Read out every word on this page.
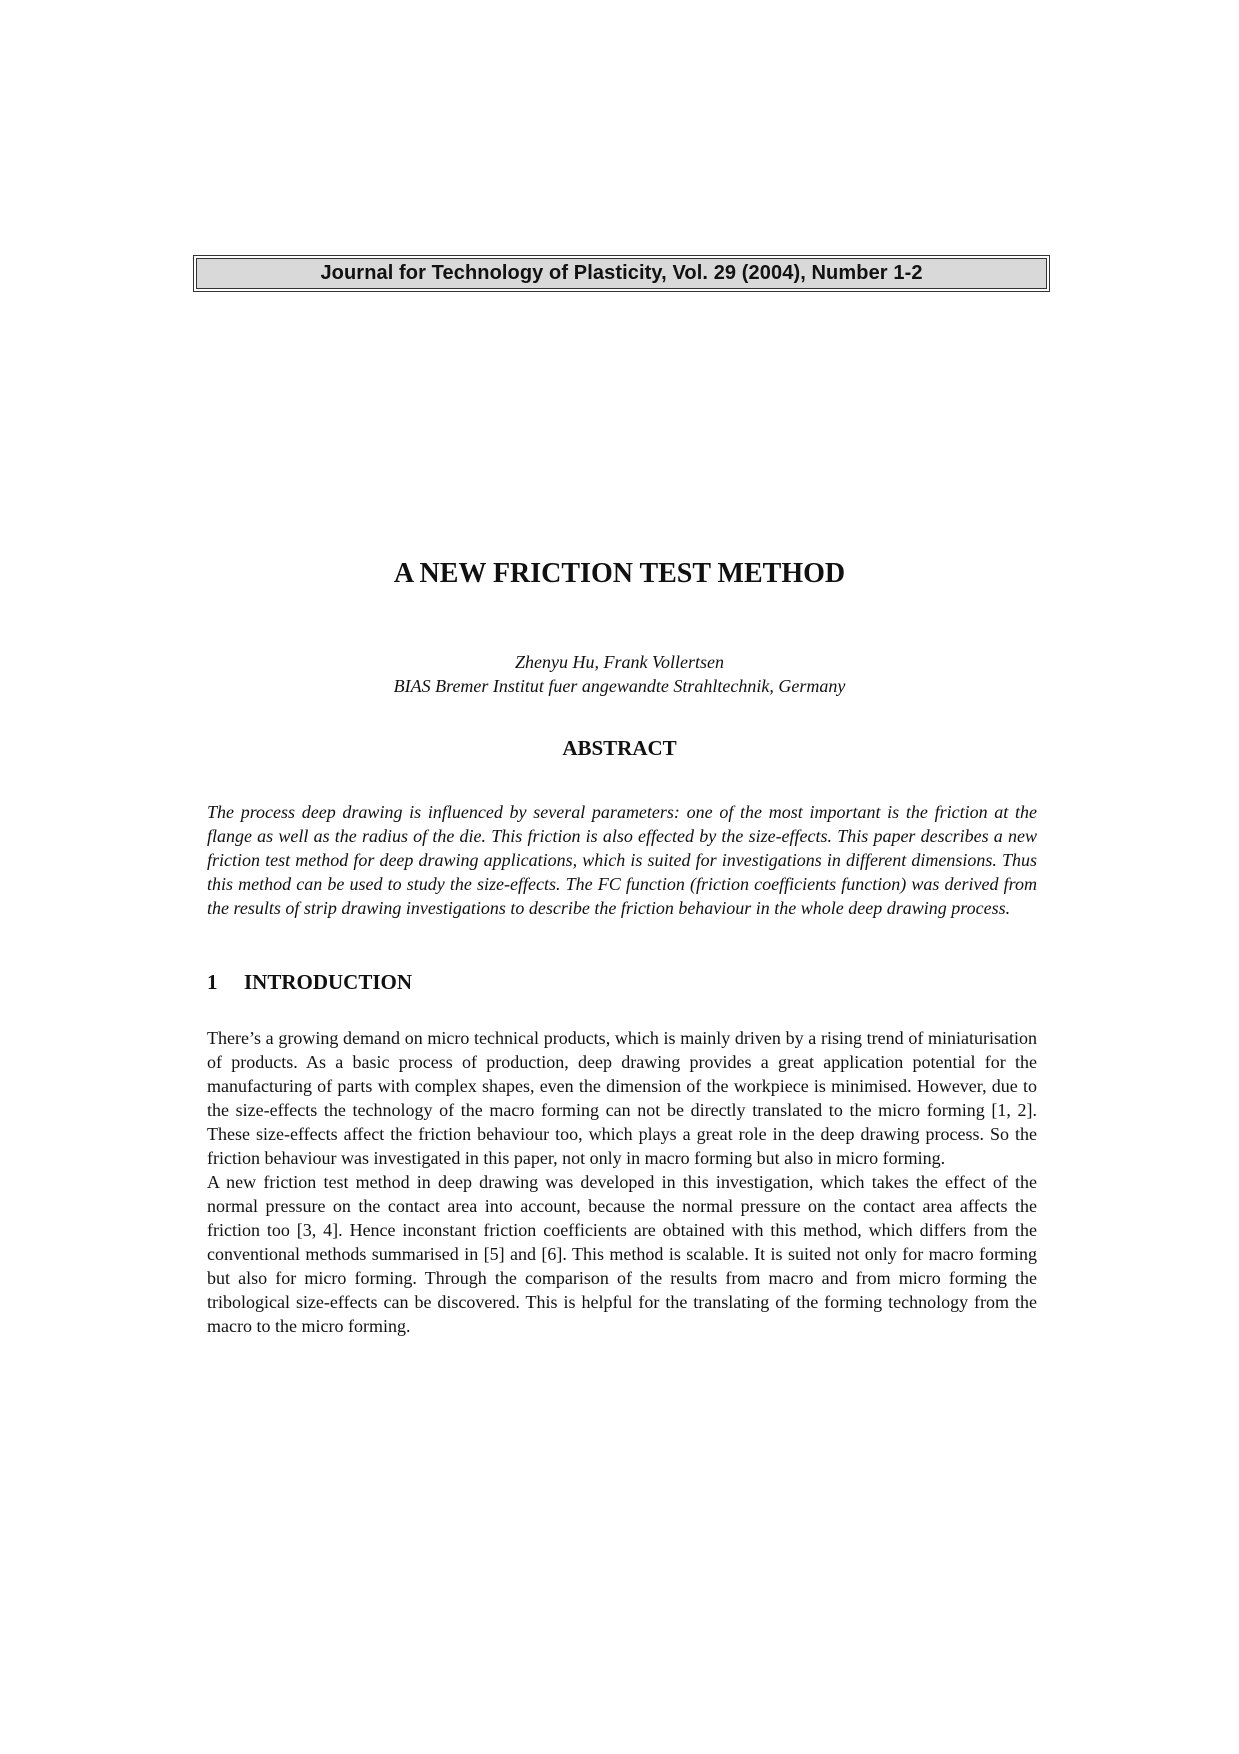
Journal for Technology of Plasticity, Vol. 29 (2004), Number 1-2
A NEW FRICTION TEST METHOD
Zhenyu Hu, Frank Vollertsen
BIAS Bremer Institut fuer angewandte Strahltechnik, Germany
ABSTRACT

The process deep drawing is influenced by several parameters: one of the most important is the friction at the flange as well as the radius of the die. This friction is also effected by the size-effects. This paper describes a new friction test method for deep drawing applications, which is suited for investigations in different dimensions. Thus this method can be used to study the size-effects. The FC function (friction coefficients function) was derived from the results of strip drawing investigations to describe the friction behaviour in the whole deep drawing process.

1 INTRODUCTION

There’s a growing demand on micro technical products, which is mainly driven by a rising trend of miniaturisation of products. As a basic process of production, deep drawing provides a great application potential for the manufacturing of parts with complex shapes, even the dimension of the workpiece is minimised. However, due to the size-effects the technology of the macro forming can not be directly translated to the micro forming [1, 2]. These size-effects affect the friction behaviour too, which plays a great role in the deep drawing process. So the friction behaviour was investigated in this paper, not only in macro forming but also in micro forming.

A new friction test method in deep drawing was developed in this investigation, which takes the effect of the normal pressure on the contact area into account, because the normal pressure on the contact area affects the friction too [3, 4]. Hence inconstant friction coefficients are obtained with this method, which differs from the conventional methods summarised in [5] and [6]. This method is scalable. It is suited not only for macro forming but also for micro forming. Through the comparison of the results from macro and from micro forming the tribological size-effects can be discovered. This is helpful for the translating of the forming technology from the macro to the micro forming.
